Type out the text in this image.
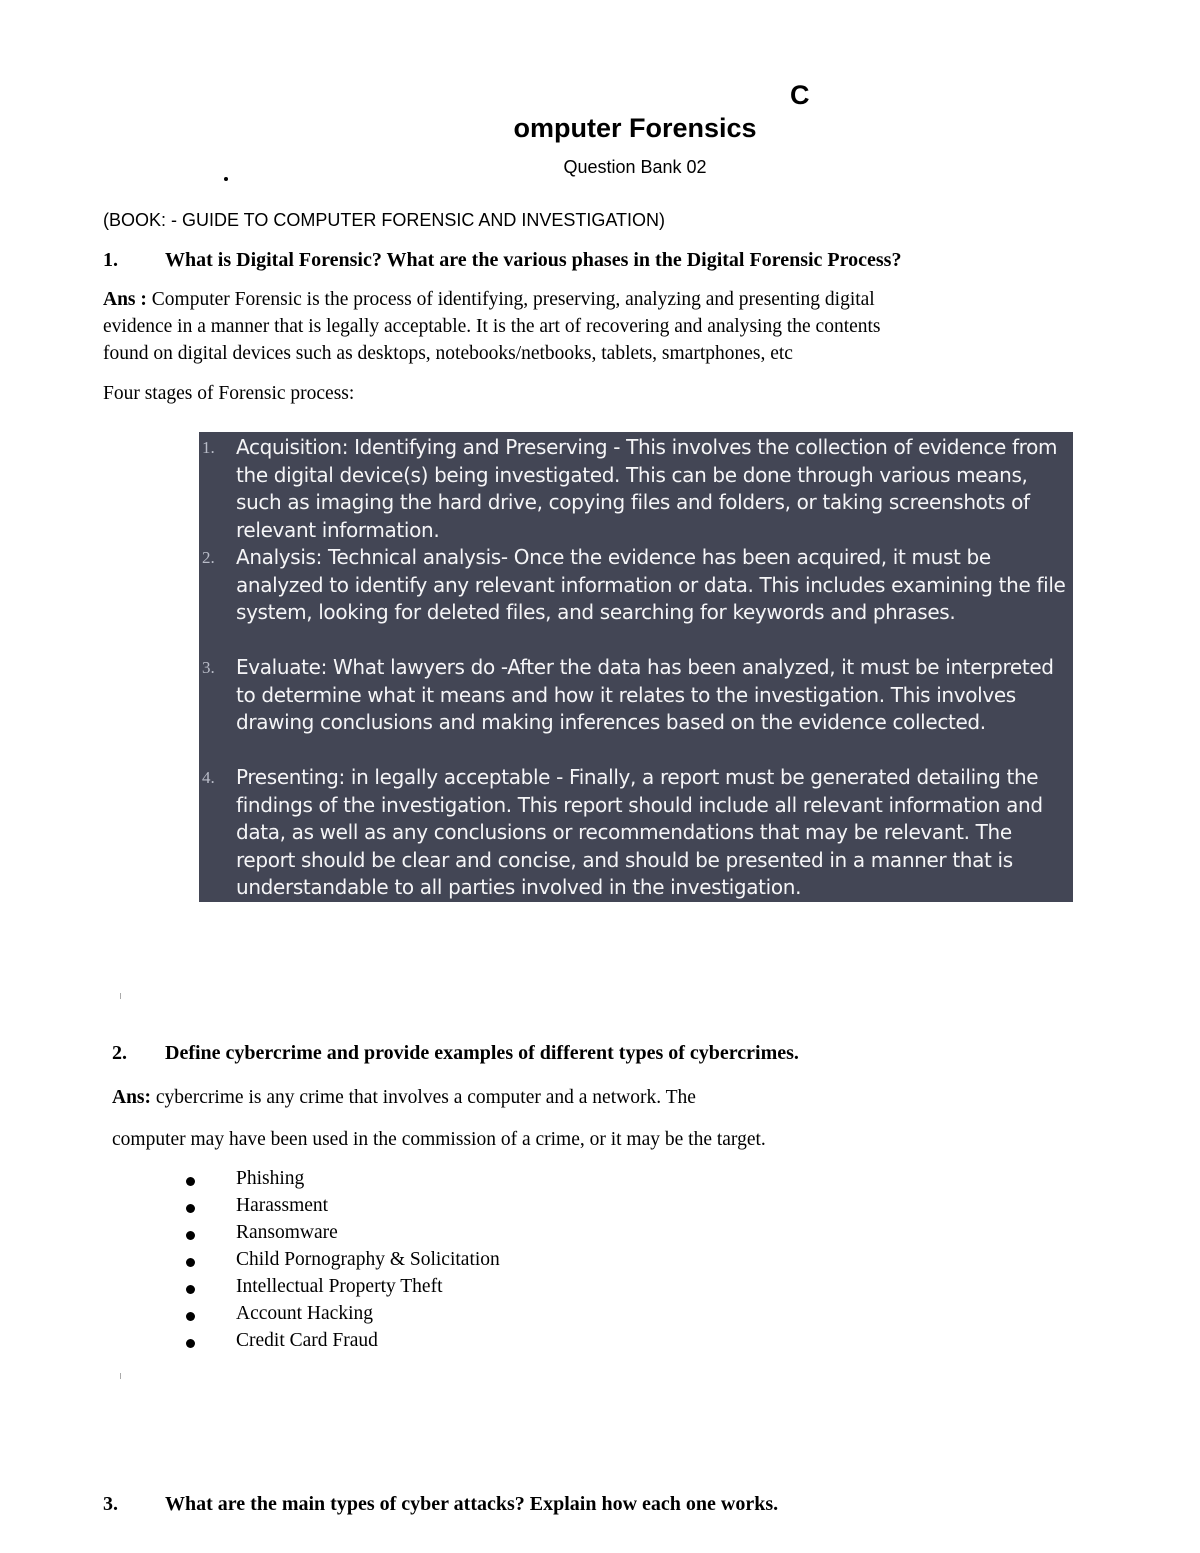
C
omputer Forensics
Question Bank 02
(BOOK: - GUIDE TO COMPUTER FORENSIC AND INVESTIGATION)
1. What is Digital Forensic? What are the various phases in the Digital Forensic Process?
Ans : Computer Forensic is the process of identifying, preserving, analyzing and presenting digital
evidence in a manner that is legally acceptable. It is the art of recovering and analysing the contents
found on digital devices such as desktops, notebooks/netbooks, tablets, smartphones, etc
Four stages of Forensic process:
1. Acquisition: Identifying and Preserving - This involves the collection of evidence from the digital device(s) being investigated. This can be done through various means, such as imaging the hard drive, copying files and folders, or taking screenshots of relevant information.
2. Analysis: Technical analysis- Once the evidence has been acquired, it must be analyzed to identify any relevant information or data. This includes examining the file system, looking for deleted files, and searching for keywords and phrases.
3. Evaluate: What lawyers do -After the data has been analyzed, it must be interpreted to determine what it means and how it relates to the investigation. This involves drawing conclusions and making inferences based on the evidence collected.
4. Presenting: in legally acceptable - Finally, a report must be generated detailing the findings of the investigation. This report should include all relevant information and data, as well as any conclusions or recommendations that may be relevant. The report should be clear and concise, and should be presented in a manner that is understandable to all parties involved in the investigation.
2. Define cybercrime and provide examples of different types of cybercrimes.
Ans: cybercrime is any crime that involves a computer and a network. The
computer may have been used in the commission of a crime, or it may be the target.
Phishing
Harassment
Ransomware
Child Pornography & Solicitation
Intellectual Property Theft
Account Hacking
Credit Card Fraud
3. What are the main types of cyber attacks? Explain how each one works.
